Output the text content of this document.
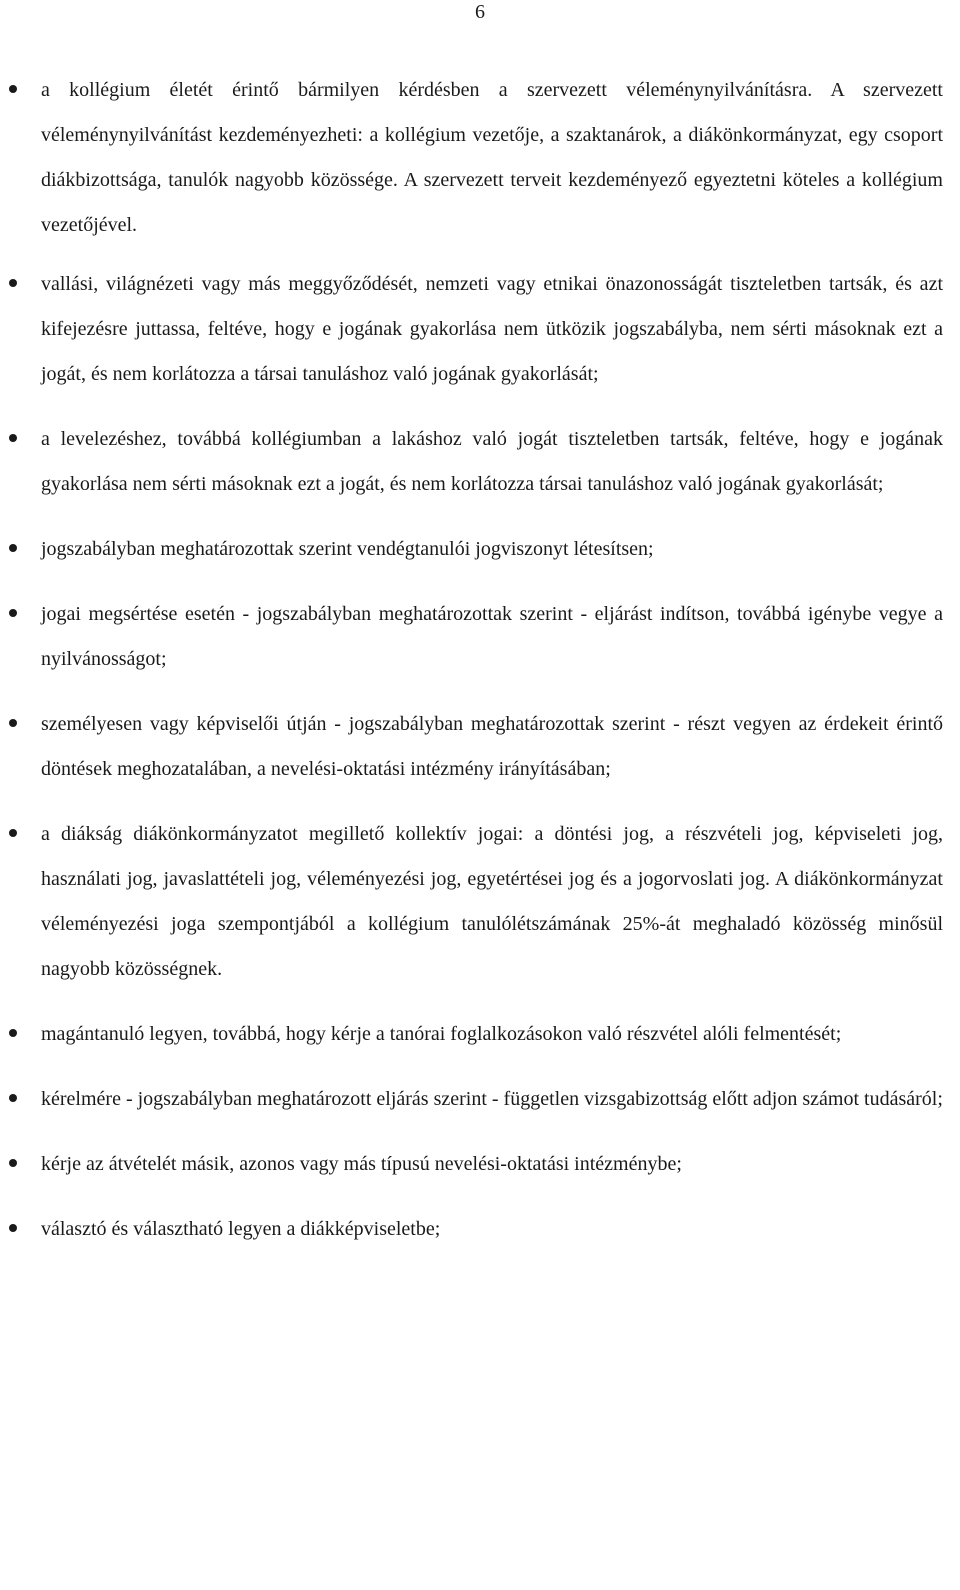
6
a kollégium életét érintő bármilyen kérdésben a szervezett véleménynyilvánításra. A szervezett véleménynyilvánítást kezdeményezheti: a kollégium vezetője, a szaktanárok, a diákönkormányzat, egy csoport diákbizottsága, tanulók nagyobb közössége. A szervezett terveit kezdeményező egyeztetni köteles a kollégium vezetőjével.
vallási, világnézeti vagy más meggyőződését, nemzeti vagy etnikai önazonosságát tiszteletben tartsák, és azt kifejezésre juttassa, feltéve, hogy e jogának gyakorlása nem ütközik jogszabályba, nem sérti másoknak ezt a jogát, és nem korlátozza a társai tanuláshoz való jogának gyakorlását;
a levelezéshez, továbbá kollégiumban a lakáshoz való jogát tiszteletben tartsák, feltéve, hogy e jogának gyakorlása nem sérti másoknak ezt a jogát, és nem korlátozza társai tanuláshoz való jogának gyakorlását;
jogszabályban meghatározottak szerint vendégtanulói jogviszonyt létesítsen;
jogai megsértése esetén - jogszabályban meghatározottak szerint - eljárást indítson, továbbá igénybe vegye a nyilvánosságot;
személyesen vagy képviselői útján - jogszabályban meghatározottak szerint - részt vegyen az érdekeit érintő döntések meghozatalában, a nevelési-oktatási intézmény irányításában;
a diákság diákönkormányzatot megillető kollektív jogai: a döntési jog, a részvételi jog, képviseleti jog, használati jog, javaslattételi jog, véleményezési jog, egyetértései jog és a jogorvoslati jog. A diákönkormányzat véleményezési joga szempontjából a kollégium tanulólétszámának 25%-át meghaladó közösség minősül nagyobb közösségnek.
magántanuló legyen, továbbá, hogy kérje a tanórai foglalkozásokon való részvétel alóli felmentését;
kérelmére - jogszabályban meghatározott eljárás szerint - független vizsgabizottság előtt adjon számot tudásáról;
kérje az átvételét másik, azonos vagy más típusú nevelési-oktatási intézménybe;
választó és választható legyen a diákképviseletbe;
